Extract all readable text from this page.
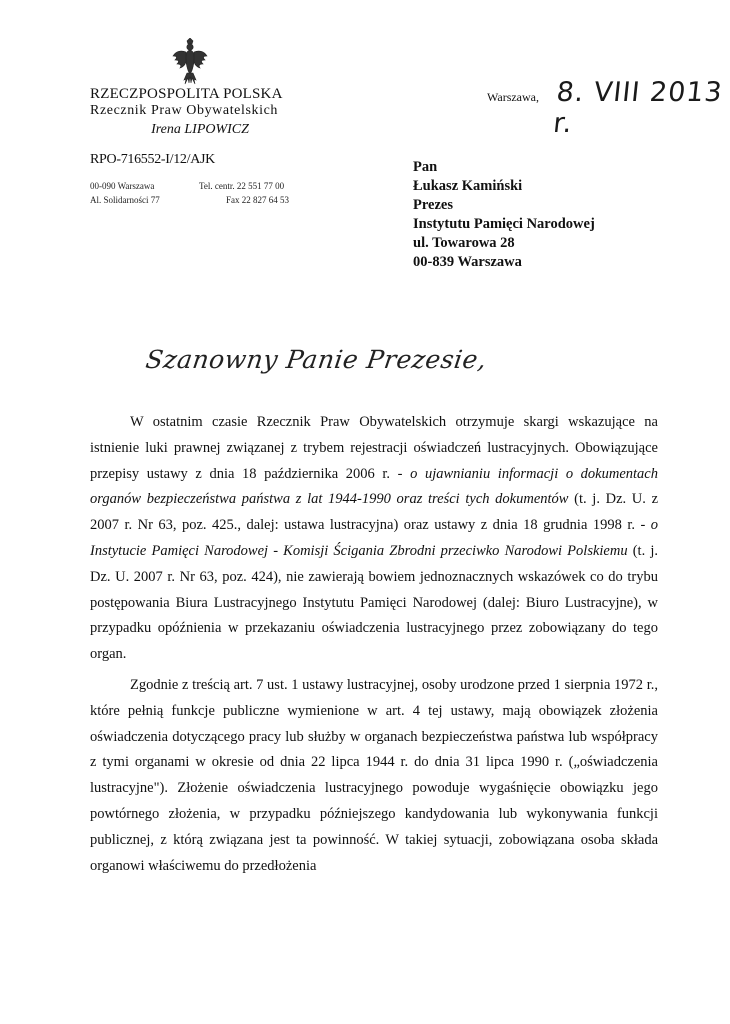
RZECZPOSPOLITA POLSKA
Rzecznik Praw Obywatelskich
Irena LIPOWICZ
RPO-716552-I/12/AJK
00-090 Warszawa
Al. Solidarności 77
Tel. centr. 22 551 77 00
Fax 22 827 64 53
Warszawa, 8. VIII 2013 r.
Pan
Łukasz Kamiński
Prezes
Instytutu Pamięci Narodowej
ul. Towarowa 28
00-839 Warszawa
Szanowny Panie Prezesie,

W ostatnim czasie Rzecznik Praw Obywatelskich otrzymuje skargi wskazujące na istnienie luki prawnej związanej z trybem rejestracji oświadczeń lustracyjnych. Obowiązujące przepisy ustawy z dnia 18 października 2006 r. - o ujawnianiu informacji o dokumentach organów bezpieczeństwa państwa z lat 1944-1990 oraz treści tych dokumentów (t. j. Dz. U. z 2007 r. Nr 63, poz. 425., dalej: ustawa lustracyjna) oraz ustawy z dnia 18 grudnia 1998 r. - o Instytucie Pamięci Narodowej - Komisji Ścigania Zbrodni przeciwko Narodowi Polskiemu (t. j. Dz. U. 2007 r. Nr 63, poz. 424), nie zawierają bowiem jednoznacznych wskazówek co do trybu postępowania Biura Lustracyjnego Instytutu Pamięci Narodowej (dalej: Biuro Lustracyjne), w przypadku opóźnienia w przekazaniu oświadczenia lustracyjnego przez zobowiązany do tego organ.

Zgodnie z treścią art. 7 ust. 1 ustawy lustracyjnej, osoby urodzone przed 1 sierpnia 1972 r., które pełnią funkcje publiczne wymienione w art. 4 tej ustawy, mają obowiązek złożenia oświadczenia dotyczącego pracy lub służby w organach bezpieczeństwa państwa lub współpracy z tymi organami w okresie od dnia 22 lipca 1944 r. do dnia 31 lipca 1990 r. („oświadczenia lustracyjne"). Złożenie oświadczenia lustracyjnego powoduje wygaśnięcie obowiązku jego powtórnego złożenia, w przypadku późniejszego kandydowania lub wykonywania funkcji publicznej, z którą związana jest ta powinność. W takiej sytuacji, zobowiązana osoba składa organowi właściwemu do przedłożenia
